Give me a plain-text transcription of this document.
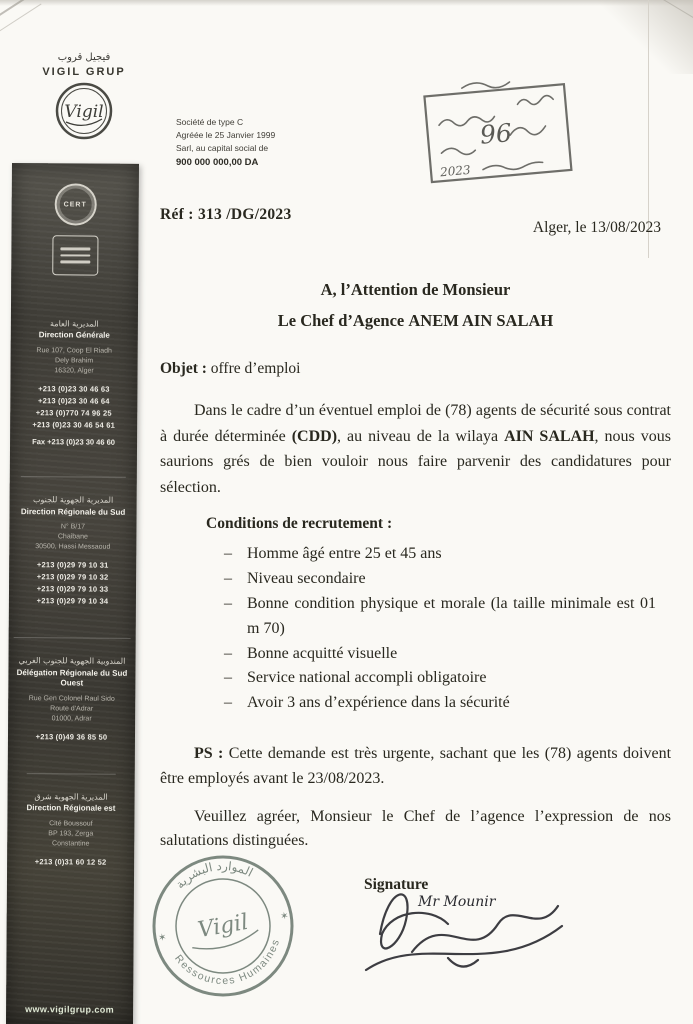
فيجيل قروب
VIGIL GRUP
Vigil	Société de type C
Agréée le 25 Janvier 1999
Sarl, au capital social de
900 000 000,00 DA
96
2023
CERT
المديرية العامة
Direction Générale
Rue 107, Coop El Riadh
Dely Brahim
16320, Alger
+213 (0)23 30 46 63
+213 (0)23 30 46 64
+213 (0)770 74 96 25
+213 (0)23 30 46 54 61
Fax +213 (0)23 30 46 60
المديرية الجهوية للجنوب
Direction Régionale du Sud
N° B/17
Chaibane
30500, Hassi Messaoud
+213 (0)29 79 10 31
+213 (0)29 79 10 32
+213 (0)29 79 10 33
+213 (0)29 79 10 34
المندوبية الجهوية للجنوب الغربي
Délégation Régionale du Sud Ouest
Rue Gen Colonel Raul Sido
Route d'Adrar
01000, Adrar
+213 (0)49 36 85 50
المديرية الجهوية شرق
Direction Régionale est
Cité Boussouf
BP 193, Zerga
Constantine
+213 (0)31 60 12 52
www.vigilgrup.com
Réf : 313 /DG/2023
Alger, le 13/08/2023
A, l’Attention de Monsieur
Le Chef d’Agence ANEM AIN SALAH

Objet : offre d’emploi

Dans le cadre d’un éventuel emploi de (78) agents de sécurité sous contrat à durée déterminée (CDD), au niveau de la wilaya AIN SALAH, nous vous saurions grés de bien vouloir nous faire parvenir des candidatures pour sélection.

Conditions de recrutement :
– Homme âgé entre 25 et 45 ans
– Niveau secondaire
– Bonne condition physique et morale (la taille minimale est 01 m 70)
– Bonne acquitté visuelle
– Service national accompli obligatoire
– Avoir 3 ans d’expérience dans la sécurité

PS : Cette demande est très urgente, sachant que les (78) agents doivent être employés avant le 23/08/2023.

Veuillez agréer, Monsieur le Chef de l’agence l’expression de nos salutations distinguées.

Signature
الموارد البشرية
Ressources Humaines
✶
✶
Vigil
Mr Mounir
